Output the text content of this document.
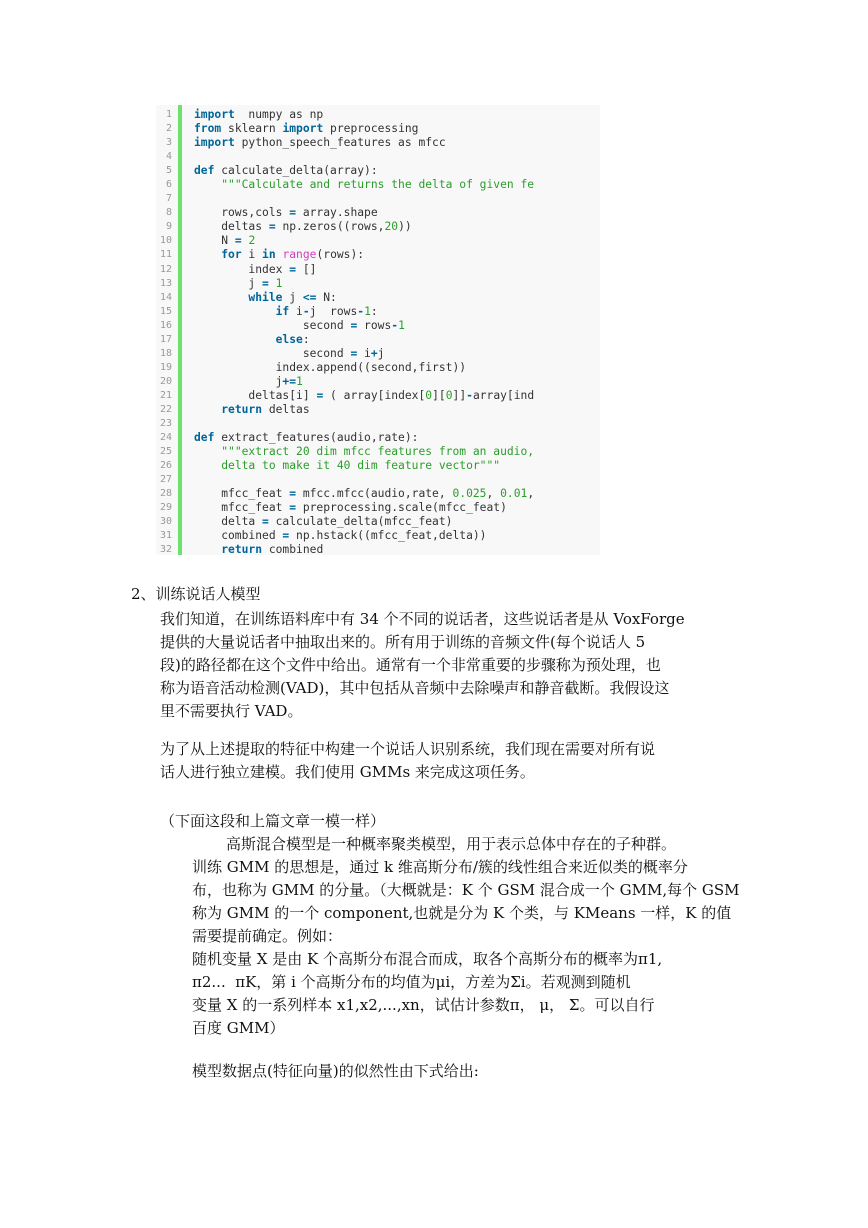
1 import  numpy as np
2 from sklearn import preprocessing
3 import python_speech_features as mfcc
4
5 def calculate_delta(array):
6	"""Calculate and returns the delta of given fe
7
8 rows,cols = array.shape
9 deltas = np.zeros((rows,20))
10 N = 2
11	for i in range(rows):
12 index = []
13 j = 1
14	while j <= N:
15	if i-j  rows-1:
16 second = rows-1
17	else:
18 second = i+j
19 index.append((second,first))
20 j+=1
21 deltas[i] = ( array[index[0][0]]-array[ind
22	return deltas
23
24 def extract_features(audio,rate):
25	"""extract 20 dim mfcc features from an audio,
26	delta to make it 40 dim feature vector"""
27
28 mfcc_feat = mfcc.mfcc(audio,rate, 0.025, 0.01,
29 mfcc_feat = preprocessing.scale(mfcc_feat)
30 delta = calculate_delta(mfcc_feat)
31 combined = np.hstack((mfcc_feat,delta))
32	return combined
2、训练说话人模型
我们知道，在训练语料库中有 34 个不同的说话者，这些说话者是从 VoxForge
提供的大量说话者中抽取出来的。所有用于训练的音频文件(每个说话人 5
段)的路径都在这个文件中给出。通常有一个非常重要的步骤称为预处理，也
称为语音活动检测(VAD)，其中包括从音频中去除噪声和静音截断。我假设这
里不需要执行 VAD。
为了从上述提取的特征中构建一个说话人识别系统，我们现在需要对所有说
话人进行独立建模。我们使用 GMMs 来完成这项任务。
（下面这段和上篇文章一模一样）
高斯混合模型是一种概率聚类模型，用于表示总体中存在的子种群。
训练 GMM 的思想是，通过 k 维高斯分布/簇的线性组合来近似类的概率分
布，也称为 GMM 的分量。（大概就是：K 个 GSM 混合成一个 GMM,每个 GSM
称为 GMM 的一个 component,也就是分为 K 个类，与 KMeans 一样，K 的值
需要提前确定。例如：
随机变量 X 是由 K 个高斯分布混合而成，取各个高斯分布的概率为π1,
π2...  πK，第 i 个高斯分布的均值为μi，方差为Σi。若观测到随机
变量 X 的一系列样本 x1,x2,...,xn，试估计参数π， μ， Σ。可以自行
百度 GMM）
模型数据点(特征向量)的似然性由下式给出:
